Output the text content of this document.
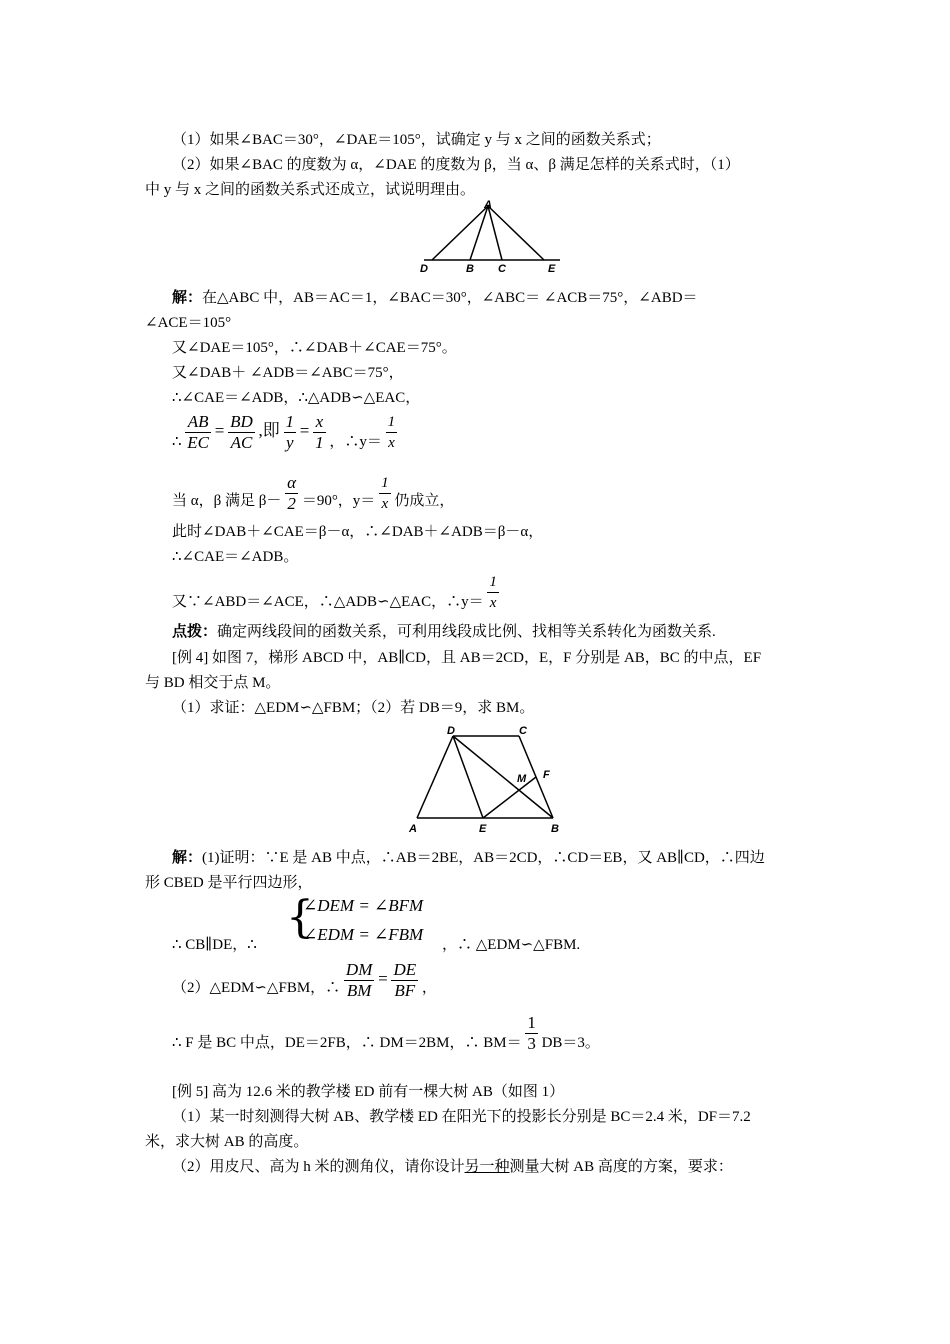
（1）如果∠BAC＝30°，∠DAE＝105°，试确定 y 与 x 之间的函数关系式；
（2）如果∠BAC 的度数为 α，∠DAE 的度数为 β，当 α、β 满足怎样的关系式时，（1）
中 y 与 x 之间的函数关系式还成立，试说明理由。
A
D	B C	E
解：在△ABC 中，AB＝AC＝1，∠BAC＝30°，∠ABC＝ ∠ACB＝75°，∠ABD＝
∠ACE＝105°
又∠DAE＝105°，∴∠DAB＋∠CAE＝75°。
又∠DAB＋ ∠ADB＝∠ABC＝75°，
∴∠CAE＝∠ADB，∴△ADB∽△EAC，
∴ $\frac{AB}{EC} = \frac{BD}{AC}$ ,即 $\frac{1}{y} = \frac{x}{1}$ ，∴y＝ $\frac{1}{x}$
当 α，β 满足 $\beta- \frac{\alpha}{2} =90^\circ$，$y= \frac{1}{x}$ 仍成立，
此时∠DAB＋∠CAE＝β－α，∴∠DAB＋∠ADB＝β－α，
∴∠CAE＝∠ADB。
又∵∠ABD＝∠ACE，∴△ADB∽△EAC，∴y＝ $\frac{1}{x}$
点拨：确定两线段间的函数关系，可利用线段成比例、找相等关系转化为函数关系.
[例 4] 如图 7，梯形 ABCD 中，AB∥CD，且 AB＝2CD，E，F 分别是 AB，BC 的中点，EF
与 BD 相交于点 M。
（1）求证：△EDM∽△FBM；（2）若 DB＝9，求 BM。
D	C
M F
A	E	B
解：(1)证明：∵E 是 AB 中点，∴AB＝2BE，AB＝2CD，∴CD＝EB，又 AB∥CD，∴四边
形 CBED 是平行四边形，
∴ CB∥DE，∴
{
∠DEM = ∠BFM
∠EDM = ∠FBM
，∴ △EDM∽△FBM.
（2）△EDM∽△FBM，∴ $\frac{DM}{BM} = \frac{DE}{BF}$ ，
∴ F 是 BC 中点，DE＝2FB，∴ DM＝2BM，∴ $BM= \frac{1}{3} DB=3$。
[例 5] 高为 12.6 米的教学楼 ED 前有一棵大树 AB（如图 1）
（1）某一时刻测得大树 AB、教学楼 ED 在阳光下的投影长分别是 BC＝2.4 米，DF＝7.2
米，求大树 AB 的高度。
（2）用皮尺、高为 h 米的测角仪，请你设计另一种测量大树 AB 高度的方案，要求：
